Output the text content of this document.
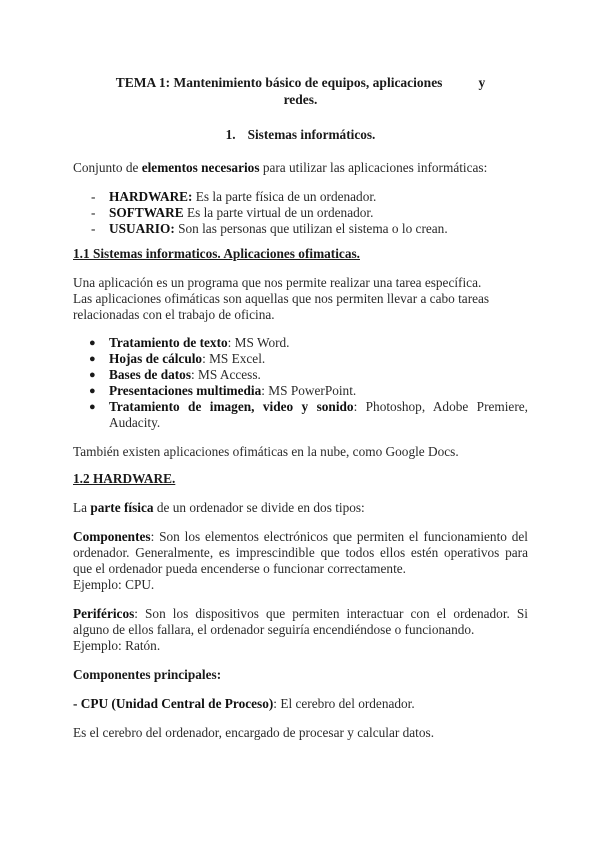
TEMA 1: Mantenimiento básico de equipos, aplicaciones	y
redes.
1. Sistemas informáticos.

Conjunto de elementos necesarios para utilizar las aplicaciones informáticas:

- HARDWARE: Es la parte física de un ordenador.
- SOFTWARE Es la parte virtual de un ordenador.
- USUARIO: Son las personas que utilizan el sistema o lo crean.

1.1 Sistemas informaticos. Aplicaciones ofimaticas.

Una aplicación es un programa que nos permite realizar una tarea específica.

Las aplicaciones ofimáticas son aquellas que nos permiten llevar a cabo tareas relacionadas con el trabajo de oficina.

● Tratamiento de texto: MS Word.
● Hojas de cálculo: MS Excel.
● Bases de datos: MS Access.
● Presentaciones multimedia: MS PowerPoint.
● Tratamiento de imagen, video y sonido: Photoshop, Adobe Premiere, Audacity.

También existen aplicaciones ofimáticas en la nube, como Google Docs.

1.2 HARDWARE.

La parte física de un ordenador se divide en dos tipos:

Componentes: Son los elementos electrónicos que permiten el funcionamiento del ordenador. Generalmente, es imprescindible que todos ellos estén operativos para que el ordenador pueda encenderse o funcionar correctamente.

Ejemplo: CPU.

Periféricos: Son los dispositivos que permiten interactuar con el ordenador. Si alguno de ellos fallara, el ordenador seguiría encendiéndose o funcionando.

Ejemplo: Ratón.

Componentes principales:

- CPU (Unidad Central de Proceso): El cerebro del ordenador.

Es el cerebro del ordenador, encargado de procesar y calcular datos.
